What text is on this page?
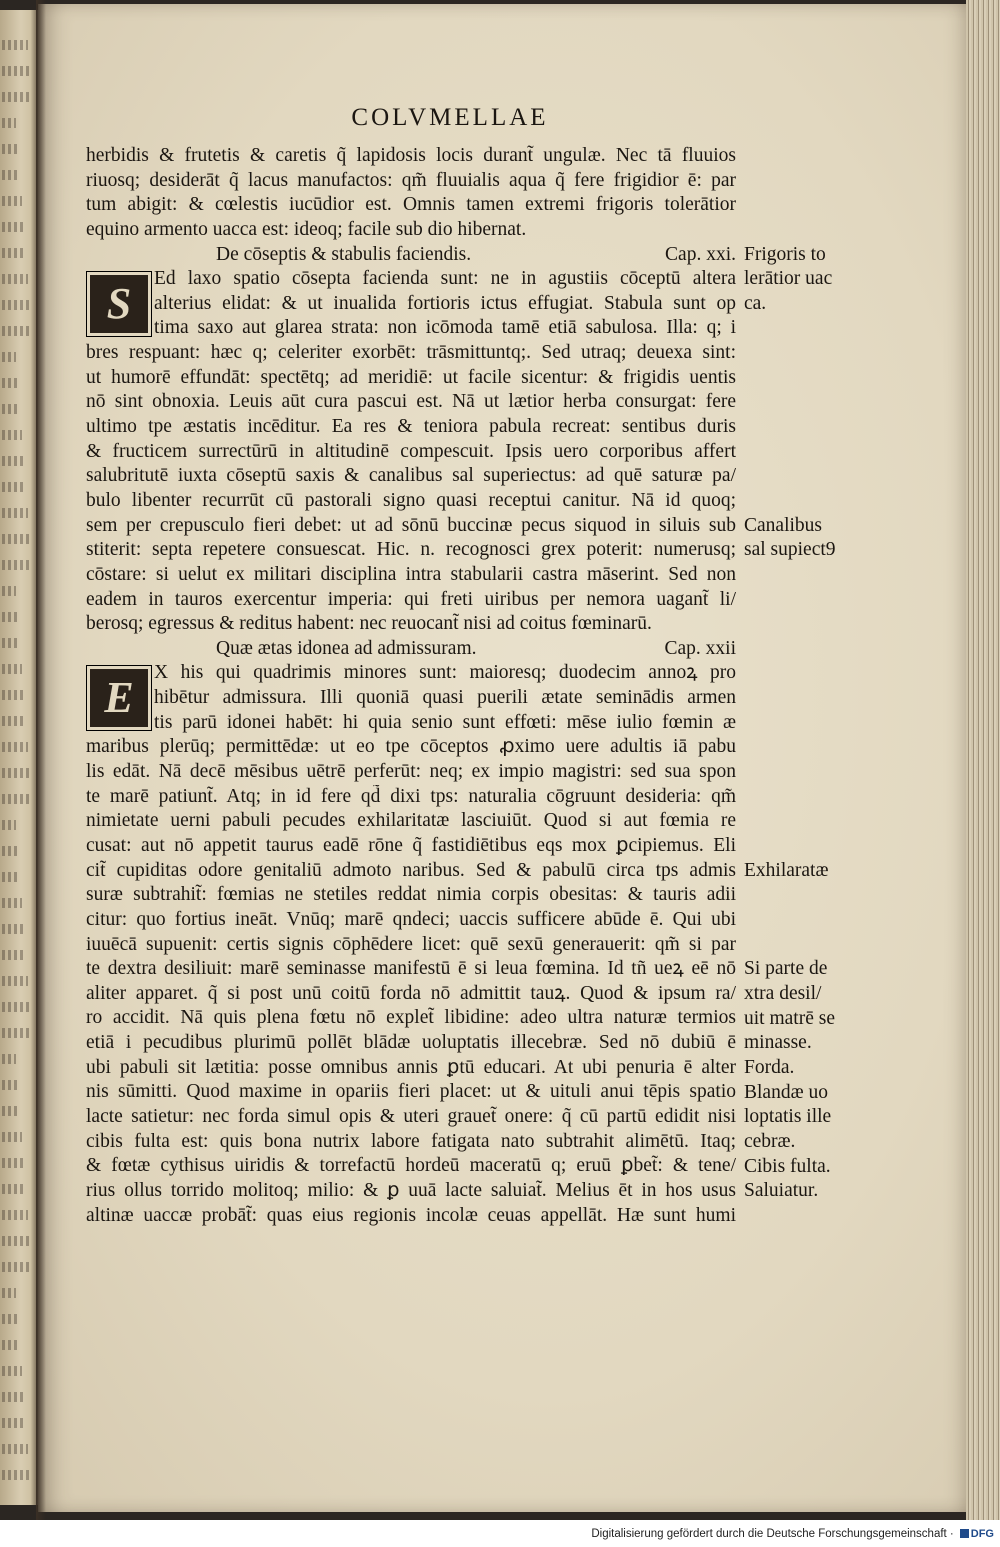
COLVMELLAE
herbidis & frutetis & caretis q̃ lapidosis locis durant̃ ungulæ. Nec tā fluuios
riuosq; desiderāt q̃ lacus manufactos: qm̃ fluuialis aqua q̃ fere frigidior ē: par
tum abigit: & cœlestis iucūdior est. Omnis tamen extremi frigoris tolerātior
equino armento uacca est: ideoq; facile sub dio hibernat.
De cōseptis & stabulis faciendis.	Cap. xxi.
Ed laxo spatio cōsepta facienda sunt: ne in agustiis cōceptū altera
alterius elidat: & ut inualida fortioris ictus effugiat. Stabula sunt op
tima saxo aut glarea strata: non icōmoda tamē etiā sabulosa. Illa: q; i
bres respuant: hæc q; celeriter exorbēt: trāsmittuntq;. Sed utraq; deuexa sint:
ut humorē effundāt: spectētq; ad meridiē: ut facile sicentur: & frigidis uentis
nō sint obnoxia. Leuis aūt cura pascui est. Nā ut lætior herba consurgat: fere
ultimo tpe æstatis incēditur. Ea res & teniora pabula recreat: sentibus duris
& fructicem surrectūrū in altitudinē compescuit. Ipsis uero corporibus affert
salubritutē iuxta cōseptū saxis & canalibus sal superiectus: ad quē saturæ pa/
bulo libenter recurrūt cū pastorali signo quasi receptui canitur. Nā id quoq;
sem per crepusculo fieri debet: ut ad sōnū buccinæ pecus siquod in siluis sub
stiterit: septa repetere consuescat. Hic. n. recognosci grex poterit: numerusq;
cōstare: si uelut ex militari disciplina intra stabularii castra māserint. Sed non
eadem in tauros exercentur imperia: qui freti uiribus per nemora uagant̃ li/
berosq; egressus & reditus habent: nec reuocant̃ nisi ad coitus fœminarū.
Quæ ætas idonea ad admissuram.	Cap. xxii
X his qui quadrimis minores sunt: maioresq; duodecim annoꝝ pro
hibētur admissura. Illi quoniā quasi puerili ætate seminādis armen
tis parū idonei habēt: hi quia senio sunt effœti: mēse iulio fœmin æ
maribus plerūq; permittēdæ: ut eo tpe cōceptos ꝓximo uere adultis iā pabu
lis edāt. Nā decē mēsibus uētrē perferūt: neq; ex impio magistri: sed sua spon
te marē patiunt̃. Atq; in id fere qd̃ dixi tps: naturalia cōgruunt desideria: qm̃
nimietate uerni pabuli pecudes exhilaritatæ lasciuiūt. Quod si aut fœmia re
cusat: aut nō appetit taurus eadē rōne q̃ fastidiētibus eqs mox ꝑcipiemus. Eli
cit̃ cupiditas odore genitaliū admoto naribus. Sed & pabulū circa tps admis
suræ subtrahit̃: fœmias ne stetiles reddat nimia corpis obesitas: & tauris adii
citur: quo fortius ineāt. Vnūq; marē qndeci; uaccis sufficere abūde ē. Qui ubi
iuuēcā supuenit: certis signis cōphēdere licet: quē sexū generauerit: qm̃ si par
te dextra desiliuit: marē seminasse manifestū ē si leua fœmina. Id tñ ueꝝ eē nō
aliter apparet. q̃ si post unū coitū forda nō admittit tauꝝ. Quod & ipsum ra/
ro accidit. Nā quis plena fœtu nō explet̃ libidine: adeo ultra naturæ termios
etiā i pecudibus plurimū pollēt blādæ uoluptatis illecebræ. Sed nō dubiū ē
ubi pabuli sit lætitia: posse omnibus annis ꝑtū educari. At ubi penuria ē alter
nis sūmitti. Quod maxime in opariis fieri placet: ut & uituli anui tēpis spatio
lacte satietur: nec forda simul opis & uteri grauet̃ onere: q̃ cū partū edidit nisi
cibis fulta est: quis bona nutrix labore fatigata nato subtrahit alimētū. Itaq;
& fœtæ cythisus uiridis & torrefactū hordeū maceratū q; eruū ꝑbet̃: & tene/
rius ollus torrido molitoq; milio: & ꝑ uuā lacte saluiat̃. Melius ēt in hos usus
altinæ uaccæ probāt̃: quas eius regionis incolæ ceuas appellāt. Hæ sunt humi
S
E
Frigoris to
lerātior uac
ca.
Canalibus
sal supiect9
Exhilaratæ
Si parte de
xtra desil/
uit matrē se
minasse.
Forda.
Blandæ uo
loptatis ille
cebræ.
Cibis fulta.
Saluiatur.
Digitalisierung gefördert durch die Deutsche Forschungsgemeinschaft · DFG
